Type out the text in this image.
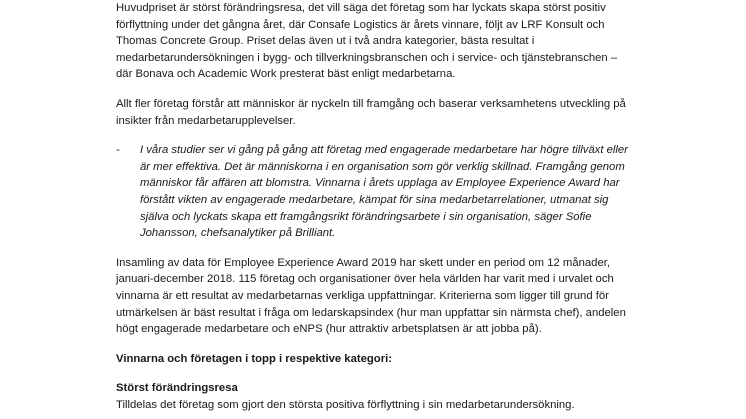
Huvudpriset är störst förändringsresa, det vill säga det företag som har lyckats skapa störst positiv förflyttning under det gångna året, där Consafe Logistics är årets vinnare, följt av LRF Konsult och Thomas Concrete Group. Priset delas även ut i två andra kategorier, bästa resultat i medarbetarundersökningen i bygg- och tillverkningsbranschen och i service- och tjänstebranschen – där Bonava och Academic Work presterat bäst enligt medarbetarna.

Allt fler företag förstår att människor är nyckeln till framgång och baserar verksamhetens utveckling på insikter från medarbetarupplevelser.

-	I våra studier ser vi gång på gång att företag med engagerade medarbetare har högre tillväxt eller är mer effektiva. Det är människorna i en organisation som gör verklig skillnad. Framgång genom människor får affären att blomstra. Vinnarna i årets upplaga av Employee Experience Award har förstått vikten av engagerade medarbetare, kämpat för sina medarbetarrelationer, utmanat sig själva och lyckats skapa ett framgångsrikt förändringsarbete i sin organisation, säger Sofie Johansson, chefsanalytiker på Brilliant.

Insamling av data för Employee Experience Award 2019 har skett under en period om 12 månader, januari-december 2018. 115 företag och organisationer över hela världen har varit med i urvalet och vinnarna är ett resultat av medarbetarnas verkliga uppfattningar. Kriterierna som ligger till grund för utmärkelsen är bäst resultat i fråga om ledarskapsindex (hur man uppfattar sin närmsta chef), andelen högt engagerade medarbetare och eNPS (hur attraktiv arbetsplatsen är att jobba på).

Vinnarna och företagen i topp i respektive kategori:

Störst förändringsresa

Tilldelas det företag som gjort den största positiva förflyttning i sin medarbetarundersökning.
